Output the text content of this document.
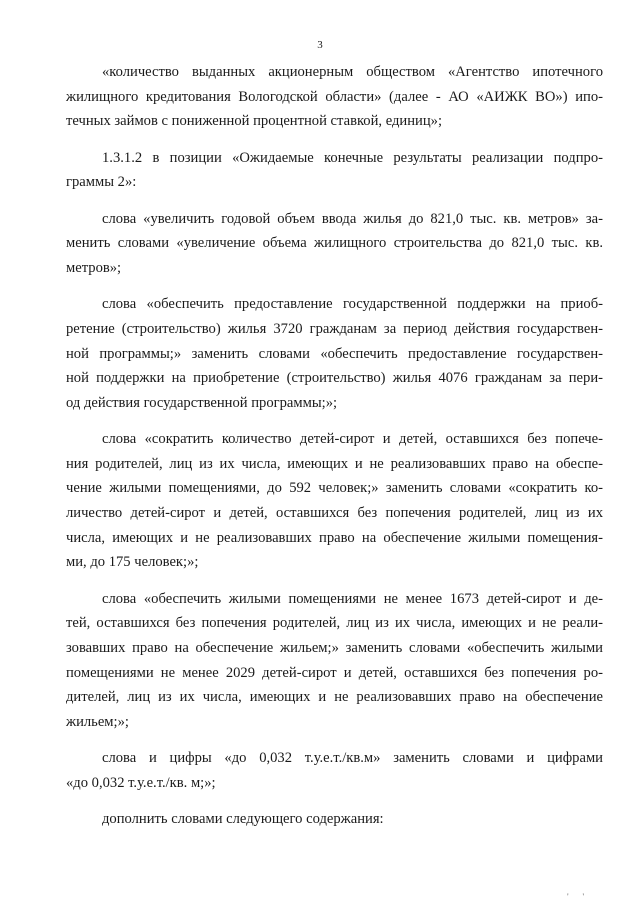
3

«количество выданных акционерным обществом «Агентство ипотечного
жилищного кредитования Вологодской области» (далее - АО «АИЖК ВО») ипо-
течных займов с пониженной процентной ставкой, единиц»;

1.3.1.2 в позиции «Ожидаемые конечные результаты реализации подпро-
граммы 2»:

слова «увеличить годовой объем ввода жилья до 821,0 тыс. кв. метров» за-
менить словами «увеличение объема жилищного строительства до 821,0 тыс. кв.
метров»;

слова «обеспечить предоставление государственной поддержки на приоб-
ретение (строительство) жилья 3720 гражданам за период действия государствен-
ной программы;» заменить словами «обеспечить предоставление государствен-
ной поддержки на приобретение (строительство) жилья 4076 гражданам за пери-
од действия государственной программы;»;

слова «сократить количество детей-сирот и детей, оставшихся без попече-
ния родителей, лиц из их числа, имеющих и не реализовавших право на обеспе-
чение жилыми помещениями, до 592 человек;» заменить словами «сократить ко-
личество детей-сирот и детей, оставшихся без попечения родителей, лиц из их
числа, имеющих и не реализовавших право на обеспечение жилыми помещения-
ми, до 175 человек;»;

слова «обеспечить жилыми помещениями не менее 1673 детей-сирот и де-
тей, оставшихся без попечения родителей, лиц из их числа, имеющих и не реали-
зовавших право на обеспечение жильем;» заменить словами «обеспечить жилыми
помещениями не менее 2029 детей-сирот и детей, оставшихся без попечения ро-
дителей, лиц из их числа, имеющих и не реализовавших право на обеспечение
жильем;»;

слова и цифры «до 0,032 т.у.е.т./кв.м» заменить словами и цифрами
«до 0,032 т.у.е.т./кв. м;»;

дополнить словами следующего содержания:

' '
